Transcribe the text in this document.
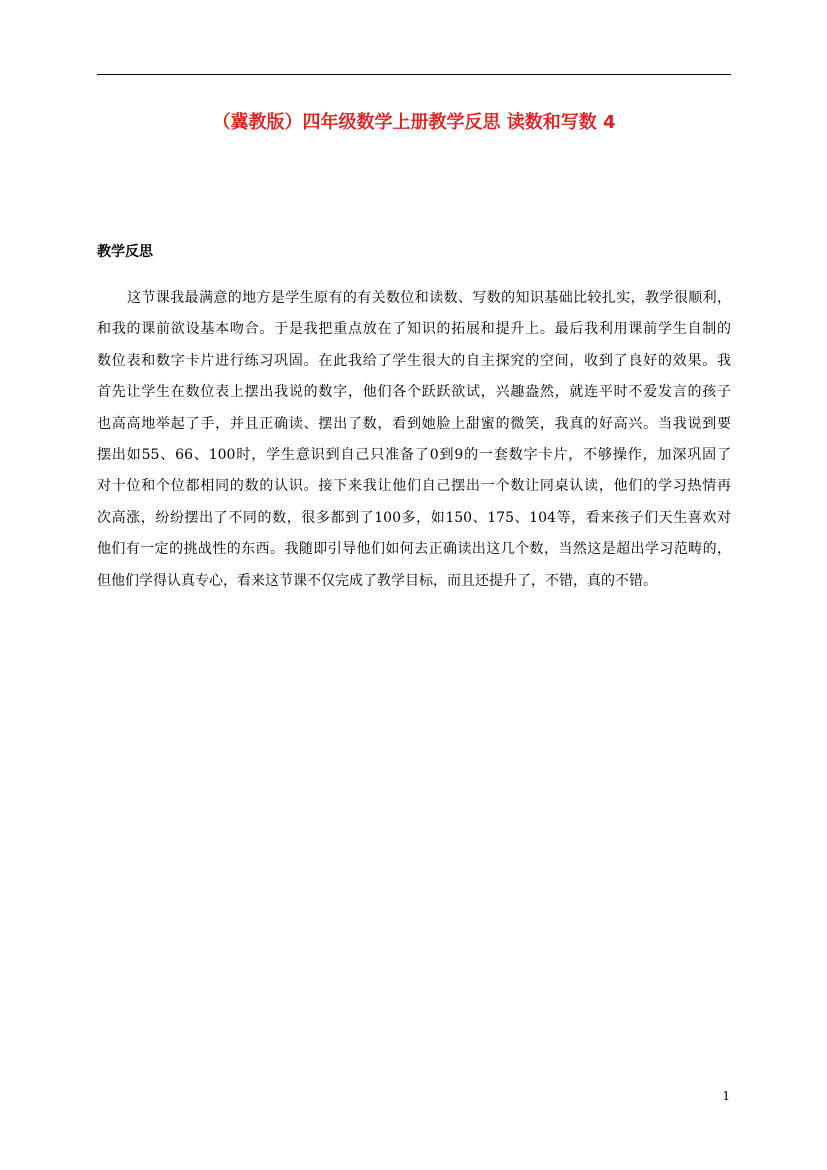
（冀教版）四年级数学上册教学反思 读数和写数 4
教学反思
这节课我最满意的地方是学生原有的有关数位和读数、写数的知识基础比较扎实，教学很顺利，
和我的课前欲设基本吻合。于是我把重点放在了知识的拓展和提升上。最后我利用课前学生自制的
数位表和数字卡片进行练习巩固。在此我给了学生很大的自主探究的空间，收到了良好的效果。我
首先让学生在数位表上摆出我说的数字，他们各个跃跃欲试，兴趣盎然，就连平时不爱发言的孩子
也高高地举起了手，并且正确读、摆出了数，看到她脸上甜蜜的微笑，我真的好高兴。当我说到要
摆出如55、66、100时，学生意识到自己只准备了0到9的一套数字卡片，不够操作，加深巩固了
对十位和个位都相同的数的认识。接下来我让他们自己摆出一个数让同桌认读，他们的学习热情再
次高涨，纷纷摆出了不同的数，很多都到了100多，如150、175、104等，看来孩子们天生喜欢对
他们有一定的挑战性的东西。我随即引导他们如何去正确读出这几个数，当然这是超出学习范畴的，
但他们学得认真专心，看来这节课不仅完成了教学目标，而且还提升了，不错，真的不错。
1
